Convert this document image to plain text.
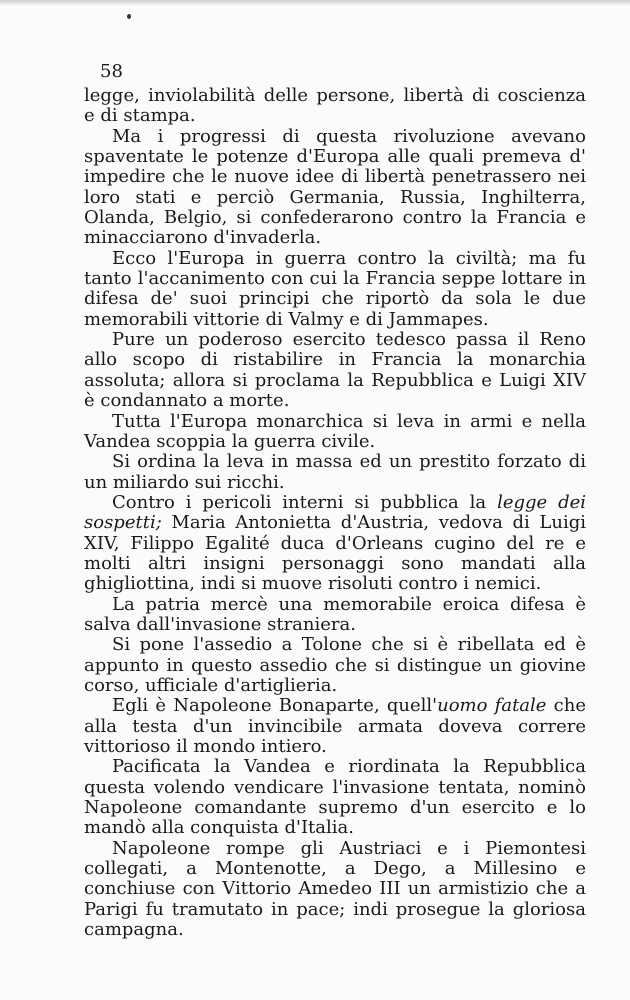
58

legge, inviolabilità delle persone, libertà di coscienza e di stampa.

Ma i progressi di questa rivoluzione avevano spaventate le potenze d'Europa alle quali premeva d' impedire che le nuove idee di libertà penetrassero nei loro stati e perciò Germania, Russia, Inghilterra, Olanda, Belgio, si confederarono contro la Francia e minacciarono d'invaderla.

Ecco l'Europa in guerra contro la civiltà; ma fu tanto l'accanimento con cui la Francia seppe lottare in difesa de' suoi principi che riportò da sola le due memorabili vittorie di Valmy e di Jammapes.

Pure un poderoso esercito tedesco passa il Reno allo scopo di ristabilire in Francia la monarchia assoluta; allora si proclama la Repubblica e Luigi XIV è condannato a morte.

Tutta l'Europa monarchica si leva in armi e nella Vandea scoppia la guerra civile.

Si ordina la leva in massa ed un prestito forzato di un miliardo sui ricchi.

Contro i pericoli interni si pubblica la legge dei sospetti; Maria Antonietta d'Austria, vedova di Luigi XIV, Filippo Egalité duca d'Orleans cugino del re e molti altri insigni personaggi sono mandati alla ghigliottina, indi si muove risoluti contro i nemici.

La patria mercè una memorabile eroica difesa è salva dall'invasione straniera.

Si pone l'assedio a Tolone che si è ribellata ed è appunto in questo assedio che si distingue un giovine corso, ufficiale d'artiglieria.

Egli è Napoleone Bonaparte, quell'uomo fatale che alla testa d'un invincibile armata doveva correre vittorioso il mondo intiero.

Pacificata la Vandea e riordinata la Repubblica questa volendo vendicare l'invasione tentata, nominò Napoleone comandante supremo d'un esercito e lo mandò alla conquista d'Italia.

Napoleone rompe gli Austriaci e i Piemontesi collegati, a Montenotte, a Dego, a Millesino e conchiuse con Vittorio Amedeo III un armistizio che a Parigi fu tramutato in pace; indi prosegue la gloriosa campagna.
